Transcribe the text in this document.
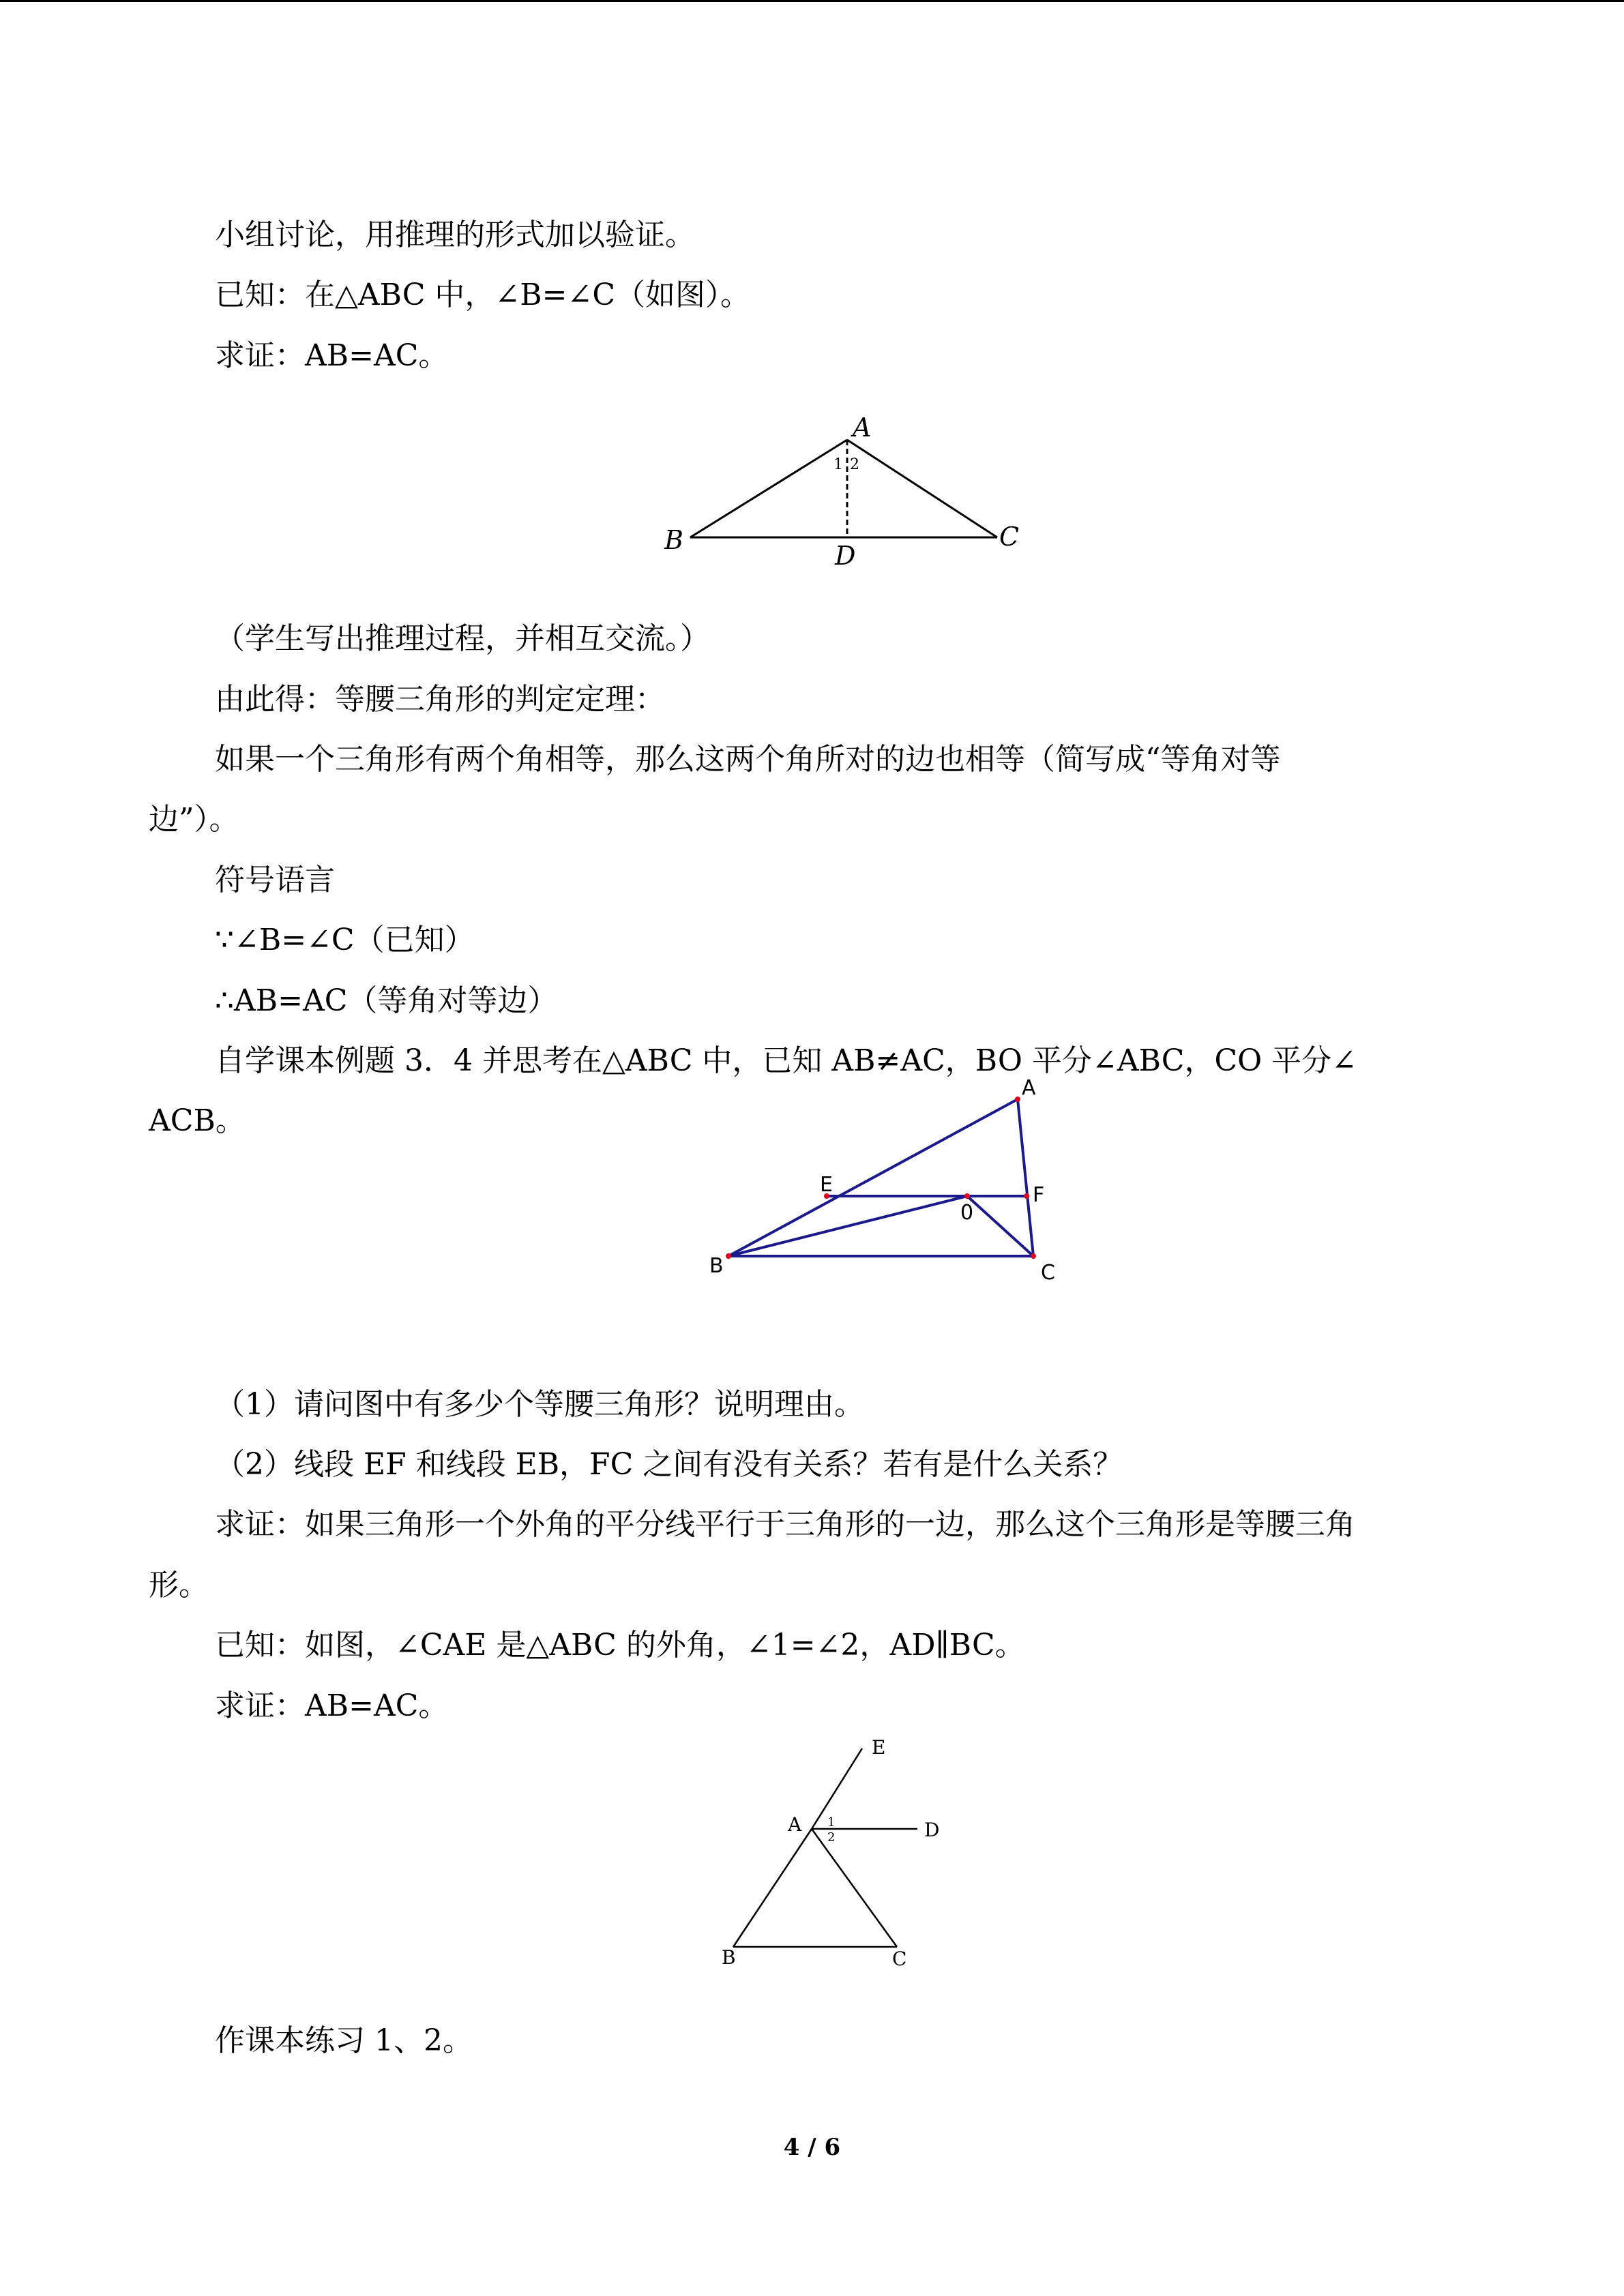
小组讨论，用推理的形式加以验证。
已知：在△ABC 中，∠B=∠C（如图）。
求证：AB=AC。
A
B	C
D
1 2
（学生写出推理过程，并相互交流。）
由此得：等腰三角形的判定定理：
如果一个三角形有两个角相等，那么这两个角所对的边也相等（简写成“等角对等
边”）。
符号语言
∵∠B=∠C（已知）
∴AB=AC（等角对等边）
自学课本例题 3．4 并思考在△ABC 中，已知 AB≠AC，BO 平分∠ABC，CO 平分∠
ACB。
A
B	C
E	F
0
（1）请问图中有多少个等腰三角形？说明理由。
（2）线段 EF 和线段 EB，FC 之间有没有关系？若有是什么关系？
求证：如果三角形一个外角的平分线平行于三角形的一边，那么这个三角形是等腰三角
形。
已知：如图，∠CAE 是△ABC 的外角，∠1=∠2，AD∥BC。
求证：AB=AC。
E
A	D
B	C
1
2
作课本练习 1、2。
4 / 6
